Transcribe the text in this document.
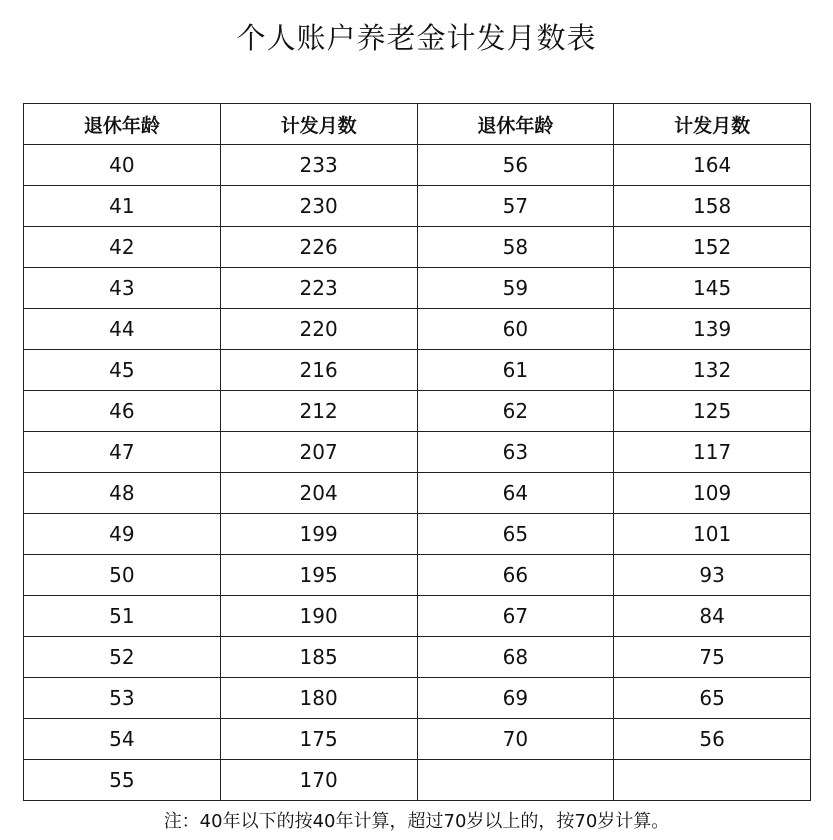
个人账户养老金计发月数表
退休年龄	计发月数	退休年龄	计发月数
40	233	56	164
41	230	57	158
42	226	58	152
43	223	59	145
44	220	60	139
45	216	61	132
46	212	62	125
47	207	63	117
48	204	64	109
49	199	65	101
50	195	66	93
51	190	67	84
52	185	68	75
53	180	69	65
54	175	70	56
55	170		
注：40年以下的按40年计算，超过70岁以上的，按70岁计算。
